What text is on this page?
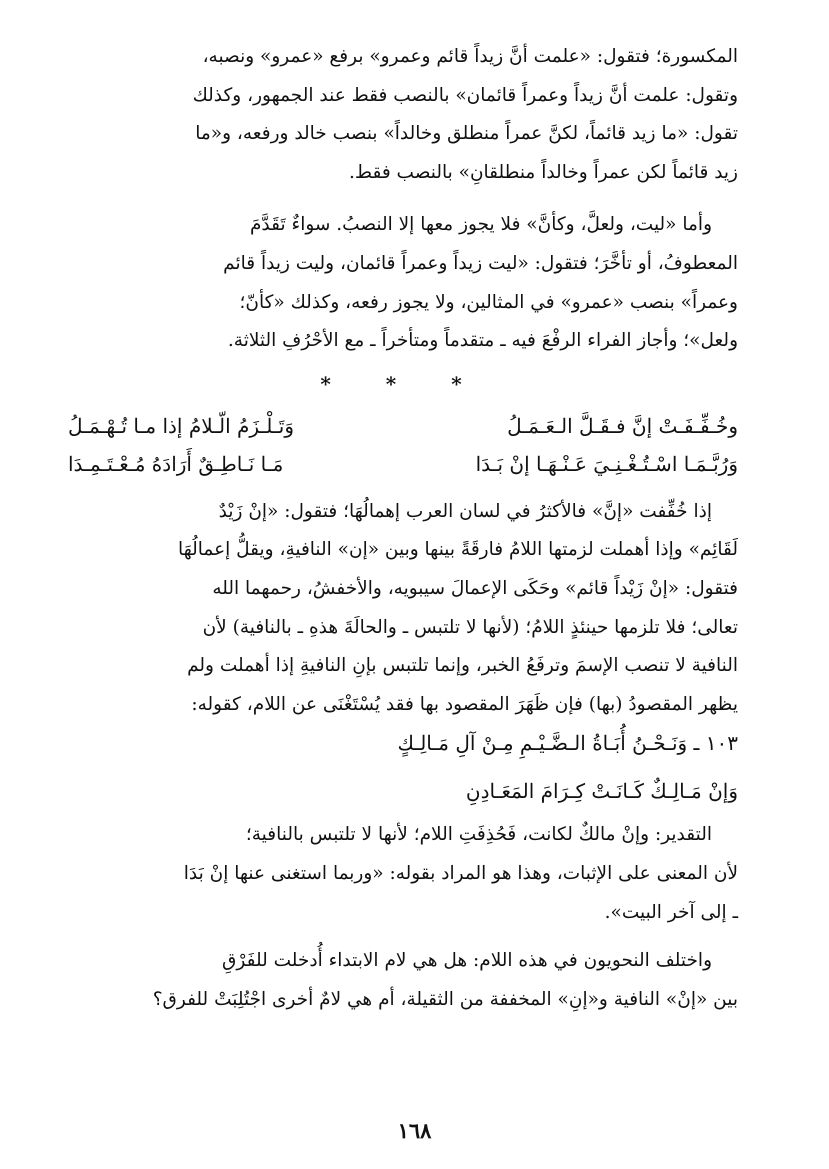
المكسورة؛ فتقول: «علمت أنَّ زيداً قائم وعمرو» برفع «عمرو» ونصبه،

وتقول: علمت أنَّ زيداً وعمراً قائمان» بالنصب فقط عند الجمهور، وكذلك

تقول: «ما زيد قائماً، لكنَّ عمراً منطلق وخالداً» بنصب خالد ورفعه، و«ما

زيد قائماً لكن عمراً وخالداً منطلقانِ» بالنصب فقط.

وأما «ليت، ولعلَّ، وكأنَّ» فلا يجوز معها إلا النصبُ. سواءٌ تَقَدَّمَ

المعطوفُ، أو تأخَّرَ؛ فتقول: «ليت زيداً وعمراً قائمان، وليت زيداً قائم

وعمراً» بنصب «عمرو» في المثالين، ولا يجوز رفعه، وكذلك «كأنّ؛

ولعل»؛ وأجاز الفراء الرفْعَ فيه ـ متقدماً ومتأخراً ـ مع الأحْرُفِ الثلاثة.

* * *
وخُـفِّـفَـتْ إنَّ فـقَـلَّ الـعَـمَـلُ
وَتَـلْـزَمُ الّـلامُ إذا مـا تُـهْـمَـلُ
وَرُبَّـمَـا اسْـتُـغْـنِـيَ عَـنْـهَـا إنْ بَـدَا
مَـا نَـاطِـقٌ أَرَادَهُ مُـعْـتَـمِـدَا

إذا خُفِّفت «إنَّ» فالأكثرُ في لسان العرب إهمالُهَا؛ فتقول: «إنْ زَيْدٌ

لَقَائِم» وإذا أهملت لزمتها اللامُ فارقَةً بينها وبين «إن» النافيةِ، ويقلُّ إعمالُهَا

فتقول: «إنْ زَيْداً قائم» وحَكَى الإعمالَ سيبويه، والأخفشُ، رحمهما الله

تعالى؛ فلا تلزمها حينئذٍ اللامُ؛ (لأنها لا تلتبس ـ والحالَةَ هذهِ ـ بالنافية) لأن

النافية لا تنصب الإسمَ وترفَعُ الخبر، وإنما تلتبس بإنِ النافيةِ إذا أهملت ولم

يظهر المقصودُ (بها) فإن ظَهَرَ المقصود بها فقد يُسْتَغْنَى عن اللام، كقوله:

١٠٣ ـ وَنَـحْـنُ أُبَـاةُ الـضَّـيْـمِ مِـنْ آلِ مَـالِـكٍ

وَإنْ مَـالِـكٌ كَـانَـتْ كِـرَامَ المَعَـادِنِ

التقدير: وإنْ مالكٌ لكانت، فَحُذِفَتِ اللام؛ لأنها لا تلتبس بالنافية؛

لأن المعنى على الإثبات، وهذا هو المراد بقوله: «وربما استغنى عنها إنْ بَدَا

ـ إلى آخر البيت».

واختلف النحويون في هذه اللام: هل هي لام الابتداء أُدخلت للفَرْقِ

بين «إنْ» النافية و«إنِ» المخففة من الثقيلة، أم هي لامٌ أخرى اجْتُلِبَتْ للفرق؟

١٦٨
